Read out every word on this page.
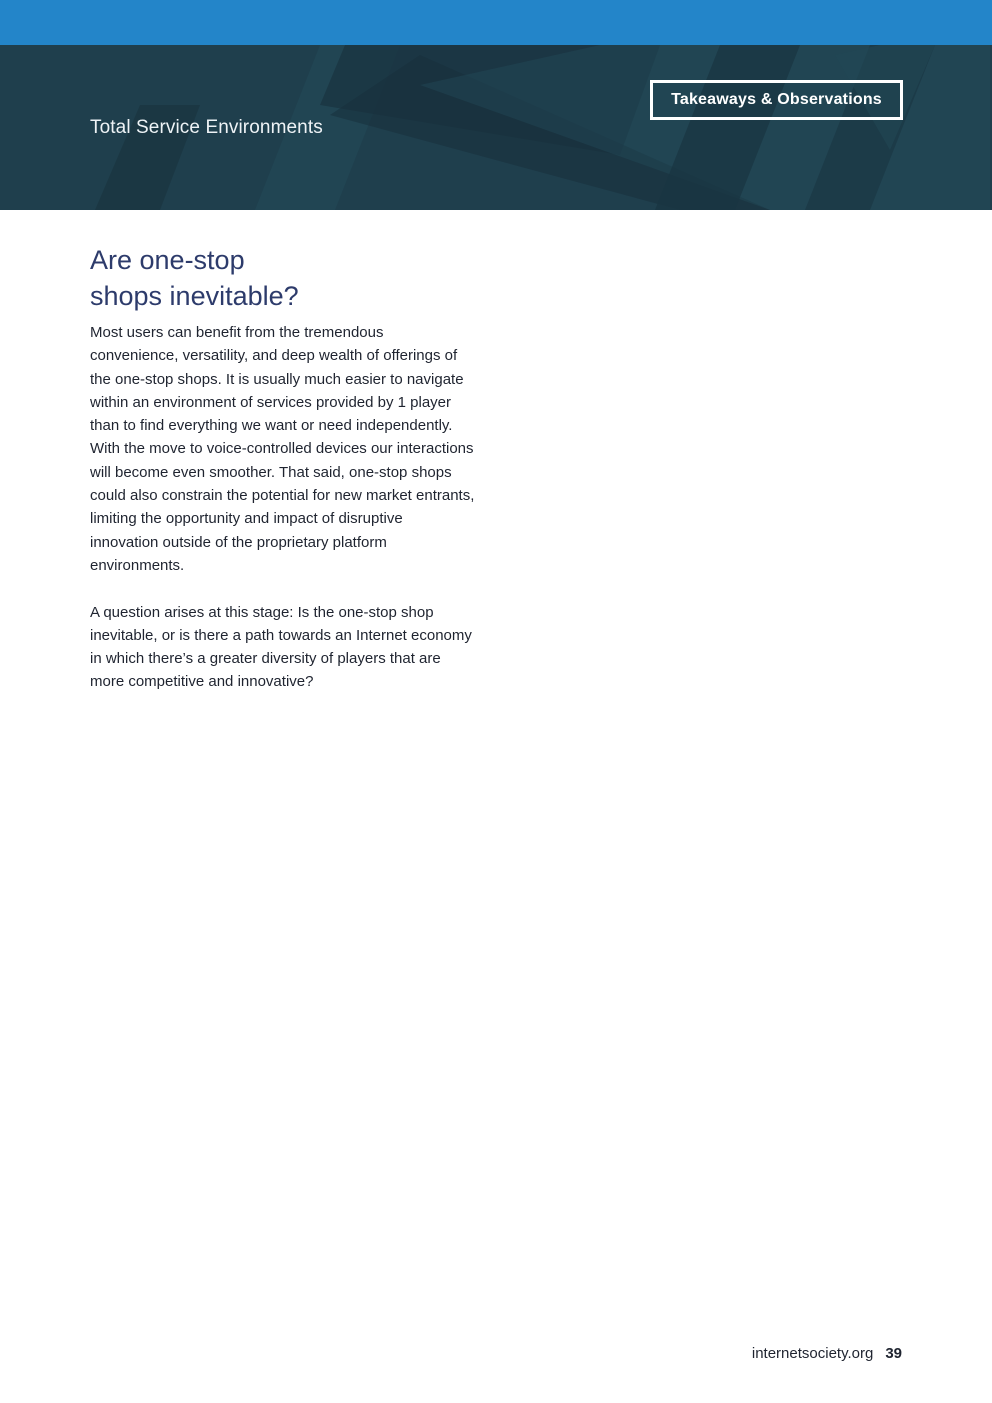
Total Service Environments
Takeaways & Observations
Are one-stop
shops inevitable?

Most users can benefit from the tremendous convenience, versatility, and deep wealth of offerings of the one-stop shops. It is usually much easier to navigate within an environment of services provided by 1 player than to find everything we want or need independently. With the move to voice-controlled devices our interactions will become even smoother. That said, one-stop shops could also constrain the potential for new market entrants, limiting the opportunity and impact of disruptive innovation outside of the proprietary platform environments.

A question arises at this stage: Is the one-stop shop inevitable, or is there a path towards an Internet economy in which there’s a greater diversity of players that are more competitive and innovative?

internetsociety.org 39
